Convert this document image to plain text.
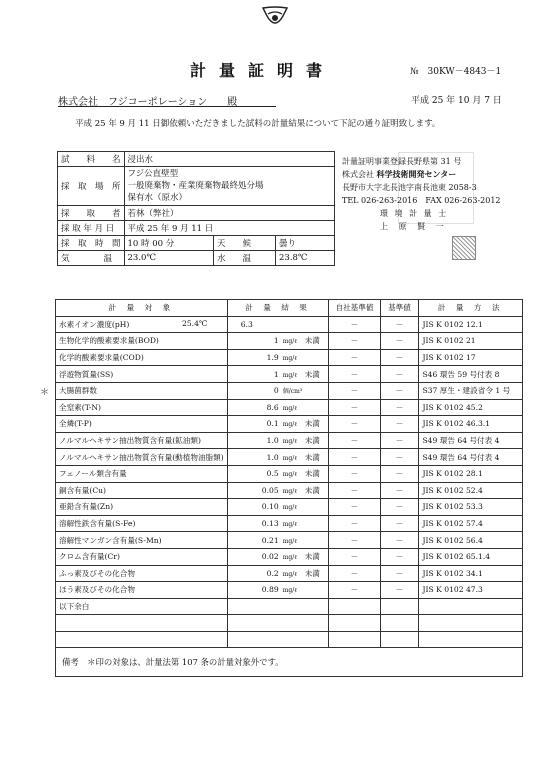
計量証明書	№　30KW－4843－1
株式会社　フジコーポレーション　　殿	平成 25 年 10 月 7 日
平成 25 年 9 月 11 日御依頼いただきました試料の計量結果について下記の通り証明致します。
試　　料　　名	浸出水		
採　取　場　所	フジ公直壁型
一般廃棄物・産業廃棄物最終処分場
保有水（原水）		
採　　取　　者	若林（弊社）		
採 取 年 月 日	平成 25 年 9 月 11 日		
採　取　時　間	10 時 00 分	天　　候	曇り
気　　　　温	23.0℃	水　　温	23.8℃
計量証明事業登録長野県第 31 号
株式会社 科学技術開発センター
長野市大字北長池字南長池東 2058-3
TEL 026-263-2016　FAX 026-263-2012
環 境 計 量 士
上 原 賢 一
計 量 対 象	計 量 結 果	自社基準値	基準値	計 量 方 法
水素イオン濃度(pH) 25.4℃	6.3	－	－	JIS K 0102 12.1
生物化学的酸素要求量(BOD)	1 mg/ℓ 未満	－	－	JIS K 0102 21
化学的酸素要求量(COD)	1.9 mg/ℓ	－	－	JIS K 0102 17
浮遊物質量(SS)	1 mg/ℓ 未満	－	－	S46 環告 59 号付表 8
大腸菌群数	0 個/cm³	－	－	S37 厚生・建設省令 1 号
全窒素(T-N)	8.6 mg/ℓ	－	－	JIS K 0102 45.2
全燐(T-P)	0.1 mg/ℓ 未満	－	－	JIS K 0102 46.3.1
ノルマルヘキサン抽出物質含有量(鉱油類)	1.0 mg/ℓ 未満	－	－	S49 環告 64 号付表 4
ノルマルヘキサン抽出物質含有量(動植物油脂類)	1.0 mg/ℓ 未満	－	－	S49 環告 64 号付表 4
フェノール類含有量	0.5 mg/ℓ 未満	－	－	JIS K 0102 28.1
銅含有量(Cu)	0.05 mg/ℓ 未満	－	－	JIS K 0102 52.4
亜鉛含有量(Zn)	0.10 mg/ℓ	－	－	JIS K 0102 53.3
溶解性鉄含有量(S-Fe)	0.13 mg/ℓ	－	－	JIS K 0102 57.4
溶解性マンガン含有量(S-Mn)	0.21 mg/ℓ	－	－	JIS K 0102 56.4
クロム含有量(Cr)	0.02 mg/ℓ 未満	－	－	JIS K 0102 65.1.4
ふっ素及びその化合物	0.2 mg/ℓ 未満	－	－	JIS K 0102 34.1
ほう素及びその化合物	0.89 mg/ℓ	－	－	JIS K 0102 47.3
以下余白				

備考　＊印の対象は、計量法第 107 条の計量対象外です。				
＊
